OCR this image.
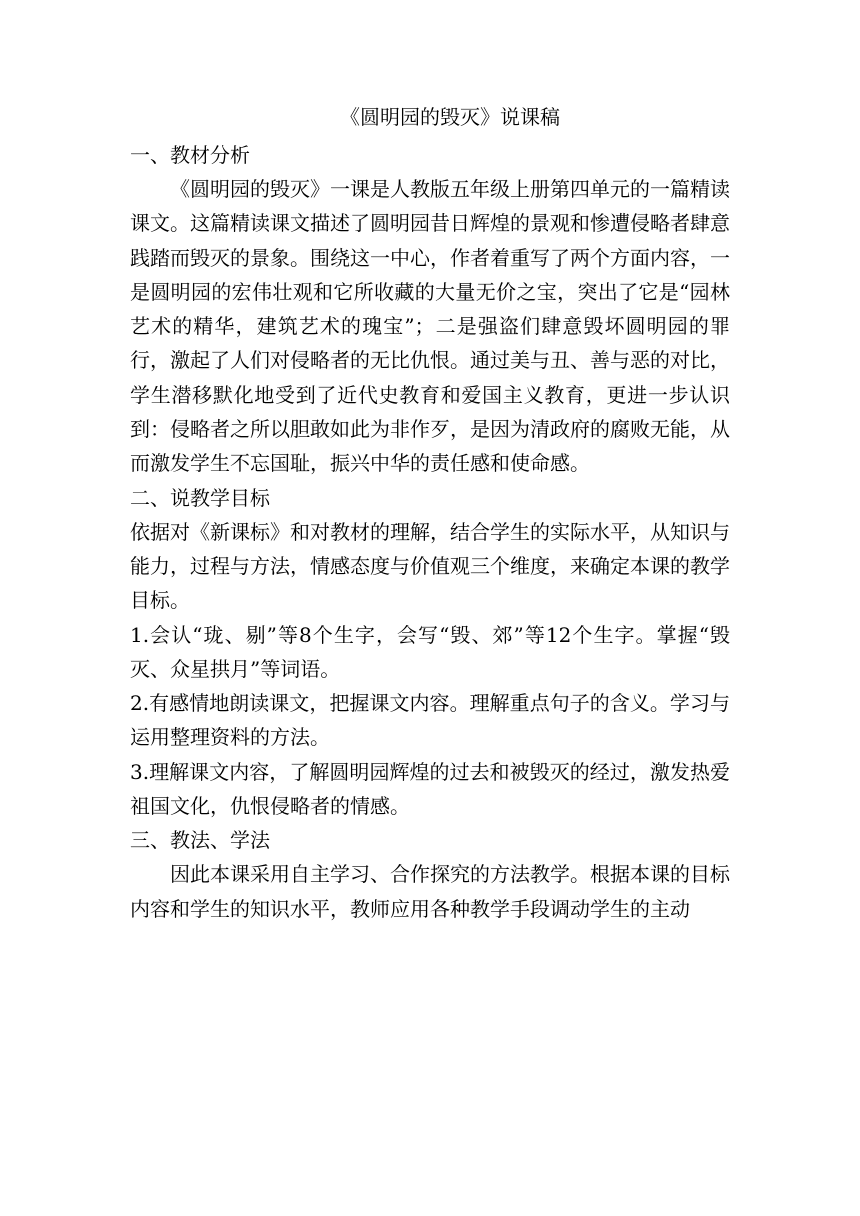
《圆明园的毁灭》说课稿
一、教材分析

《圆明园的毁灭》一课是人教版五年级上册第四单元的一篇精读课文。这篇精读课文描述了圆明园昔日辉煌的景观和惨遭侵略者肆意践踏而毁灭的景象。围绕这一中心，作者着重写了两个方面内容，一是圆明园的宏伟壮观和它所收藏的大量无价之宝，突出了它是“园林艺术的精华，建筑艺术的瑰宝”；二是强盗们肆意毁坏圆明园的罪行，激起了人们对侵略者的无比仇恨。通过美与丑、善与恶的对比，学生潜移默化地受到了近代史教育和爱国主义教育，更进一步认识到：侵略者之所以胆敢如此为非作歹，是因为清政府的腐败无能，从而激发学生不忘国耻，振兴中华的责任感和使命感。

二、说教学目标

依据对《新课标》和对教材的理解，结合学生的实际水平，从知识与能力，过程与方法，情感态度与价值观三个维度，来确定本课的教学目标。

1.会认“珑、剔”等8个生字，会写“毁、郊”等12个生字。掌握“毁灭、众星拱月”等词语。

2.有感情地朗读课文，把握课文内容。理解重点句子的含义。学习与运用整理资料的方法。

3.理解课文内容，了解圆明园辉煌的过去和被毁灭的经过，激发热爱祖国文化，仇恨侵略者的情感。

三、教法、学法

因此本课采用自主学习、合作探究的方法教学。根据本课的目标内容和学生的知识水平，教师应用各种教学手段调动学生的主动
